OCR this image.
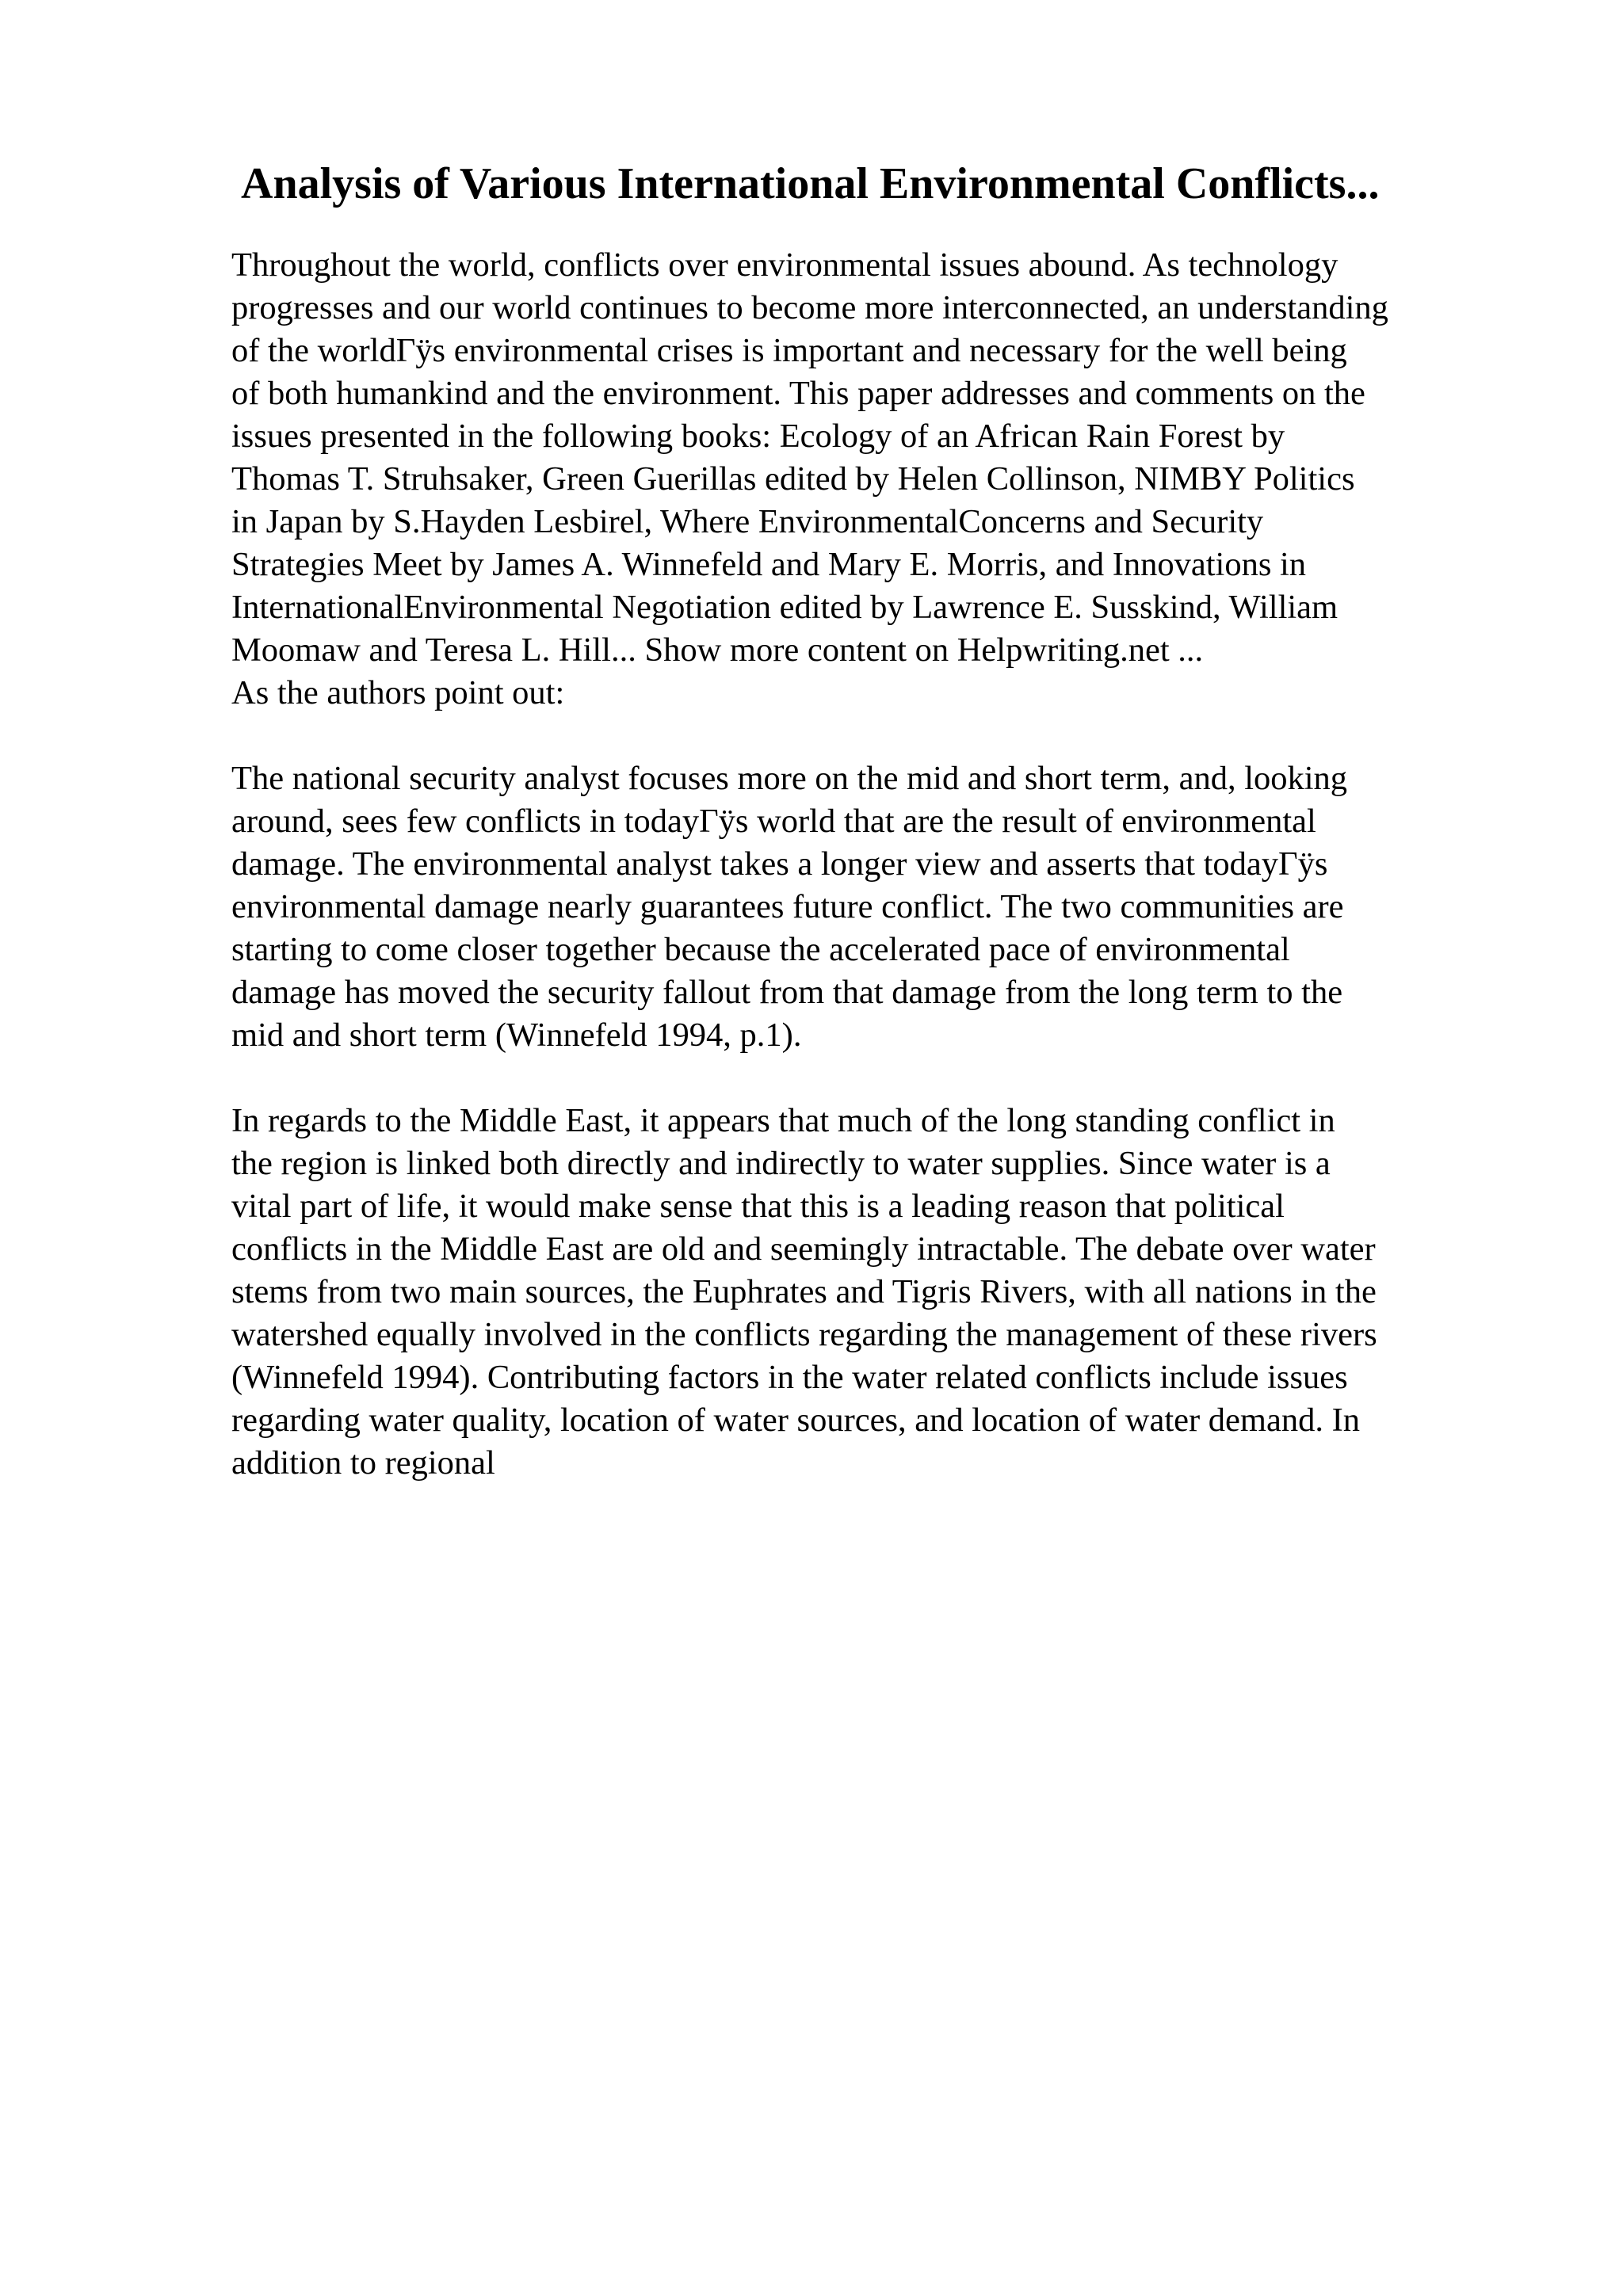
Analysis of Various International Environmental Conflicts...
Throughout the world, conflicts over environmental issues abound. As technology
progresses and our world continues to become more interconnected, an understanding
of the worldΓÿs environmental crises is important and necessary for the well being
of both humankind and the environment. This paper addresses and comments on the
issues presented in the following books: Ecology of an African Rain Forest by
Thomas T. Struhsaker, Green Guerillas edited by Helen Collinson, NIMBY Politics
in Japan by S.Hayden Lesbirel, Where EnvironmentalConcerns and Security
Strategies Meet by James A. Winnefeld and Mary E. Morris, and Innovations in
InternationalEnvironmental Negotiation edited by Lawrence E. Susskind, William
Moomaw and Teresa L. Hill... Show more content on Helpwriting.net ...
As the authors point out:
The national security analyst focuses more on the mid and short term, and, looking
around, sees few conflicts in todayΓÿs world that are the result of environmental
damage. The environmental analyst takes a longer view and asserts that todayΓÿs
environmental damage nearly guarantees future conflict. The two communities are
starting to come closer together because the accelerated pace of environmental
damage has moved the security fallout from that damage from the long term to the
mid and short term (Winnefeld 1994, p.1).
In regards to the Middle East, it appears that much of the long standing conflict in
the region is linked both directly and indirectly to water supplies. Since water is a
vital part of life, it would make sense that this is a leading reason that political
conflicts in the Middle East are old and seemingly intractable. The debate over water
stems from two main sources, the Euphrates and Tigris Rivers, with all nations in the
watershed equally involved in the conflicts regarding the management of these rivers
(Winnefeld 1994). Contributing factors in the water related conflicts include issues
regarding water quality, location of water sources, and location of water demand. In
addition to regional
